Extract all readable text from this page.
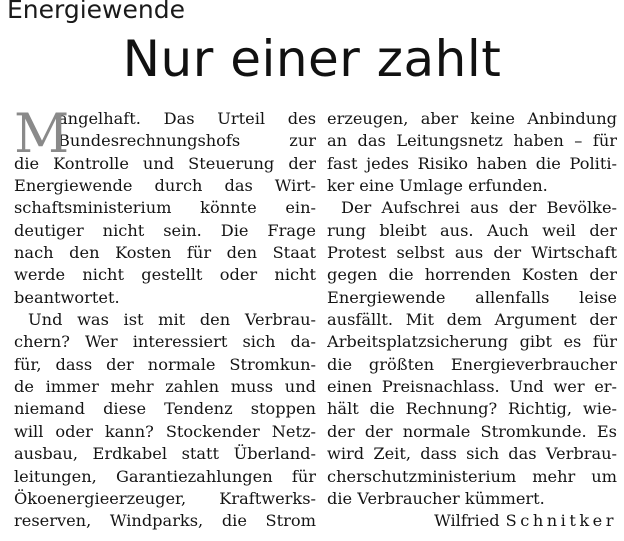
Energiewende
Nur einer zahlt
M
angelhaft. Das Urteil des
Bundesrechnungshofs zur
die Kontrolle und Steuerung der
Energiewende durch das Wirt-
schaftsministerium könnte ein-
deutiger nicht sein. Die Frage
nach den Kosten für den Staat
werde nicht gestellt oder nicht
beantwortet.
Und was ist mit den Verbrau-
chern? Wer interessiert sich da-
für, dass der normale Stromkun-
de immer mehr zahlen muss und
niemand diese Tendenz stoppen
will oder kann? Stockender Netz-
ausbau, Erdkabel statt Überland-
leitungen, Garantiezahlungen für
Ökoenergieerzeuger, Kraftwerks-
reserven, Windparks, die Strom
erzeugen, aber keine Anbindung
an das Leitungsnetz haben – für
fast jedes Risiko haben die Politi-
ker eine Umlage erfunden.
Der Aufschrei aus der Bevölke-
rung bleibt aus. Auch weil der
Protest selbst aus der Wirtschaft
gegen die horrenden Kosten der
Energiewende allenfalls leise
ausfällt. Mit dem Argument der
Arbeitsplatzsicherung gibt es für
die größten Energieverbraucher
einen Preisnachlass. Und wer er-
hält die Rechnung? Richtig, wie-
der der normale Stromkunde. Es
wird Zeit, dass sich das Verbrau-
cherschutzministerium mehr um
die Verbraucher kümmert.
Wilfried Schnitker
